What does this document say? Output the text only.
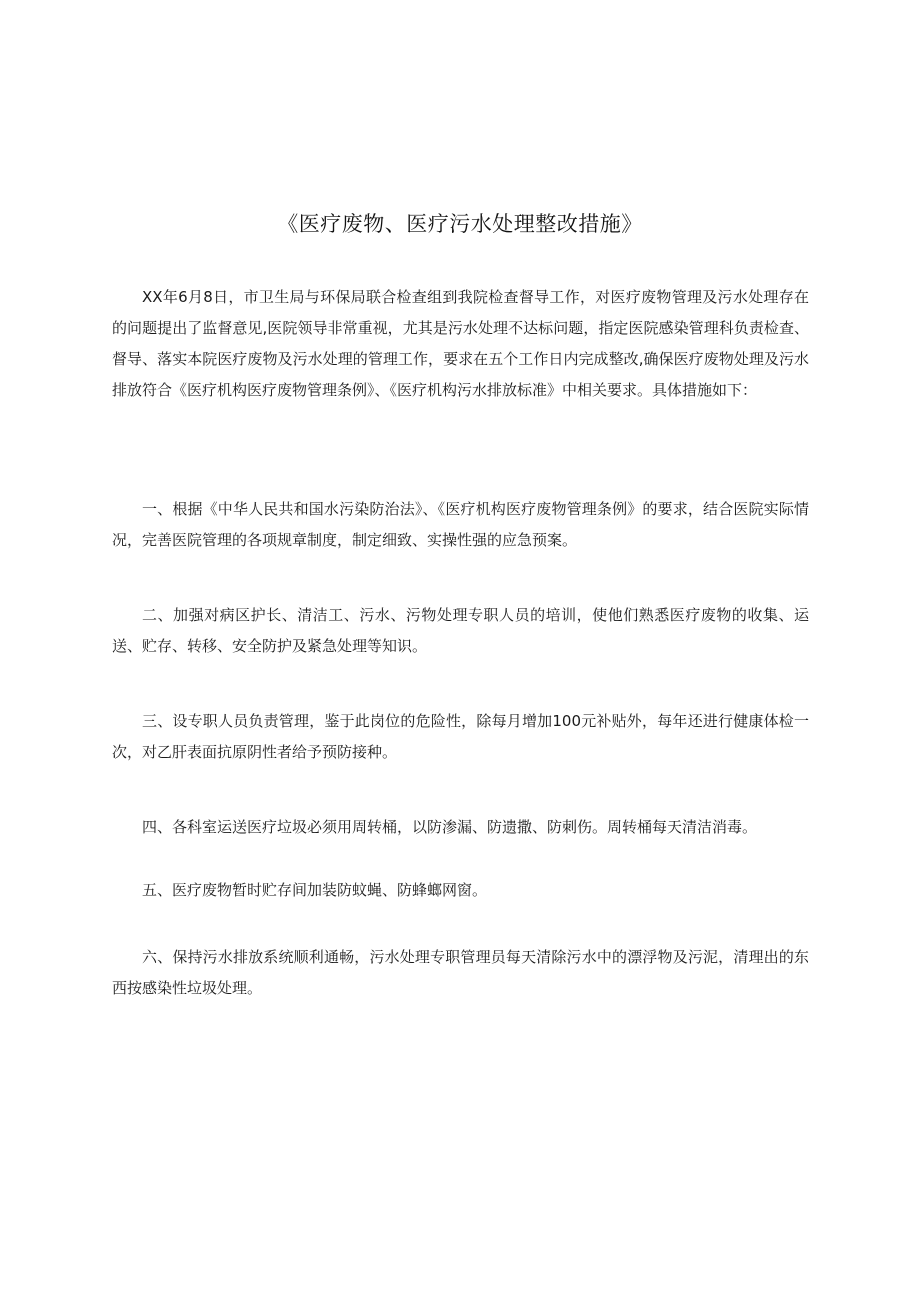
《医疗废物、医疗污水处理整改措施》

XX年6月8日，市卫生局与环保局联合检查组到我院检查督导工作，对医疗废物管理及污水处理存在的问题提出了监督意见,医院领导非常重视，尤其是污水处理不达标问题，指定医院感染管理科负责检查、督导、落实本院医疗废物及污水处理的管理工作，要求在五个工作日内完成整改,确保医疗废物处理及污水排放符合《医疗机构医疗废物管理条例》、《医疗机构污水排放标准》中相关要求。具体措施如下：

一、根据《中华人民共和国水污染防治法》、《医疗机构医疗废物管理条例》的要求，结合医院实际情况，完善医院管理的各项规章制度，制定细致、实操性强的应急预案。

二、加强对病区护长、清洁工、污水、污物处理专职人员的培训，使他们熟悉医疗废物的收集、运送、贮存、转移、安全防护及紧急处理等知识。

三、设专职人员负责管理，鉴于此岗位的危险性，除每月增加100元补贴外，每年还进行健康体检一次，对乙肝表面抗原阴性者给予预防接种。

四、各科室运送医疗垃圾必须用周转桶，以防渗漏、防遗撒、防刺伤。周转桶每天清洁消毒。

五、医疗废物暂时贮存间加装防蚊蝇、防蜂螂网窗。

六、保持污水排放系统顺利通畅，污水处理专职管理员每天清除污水中的漂浮物及污泥，清理出的东西按感染性垃圾处理。
